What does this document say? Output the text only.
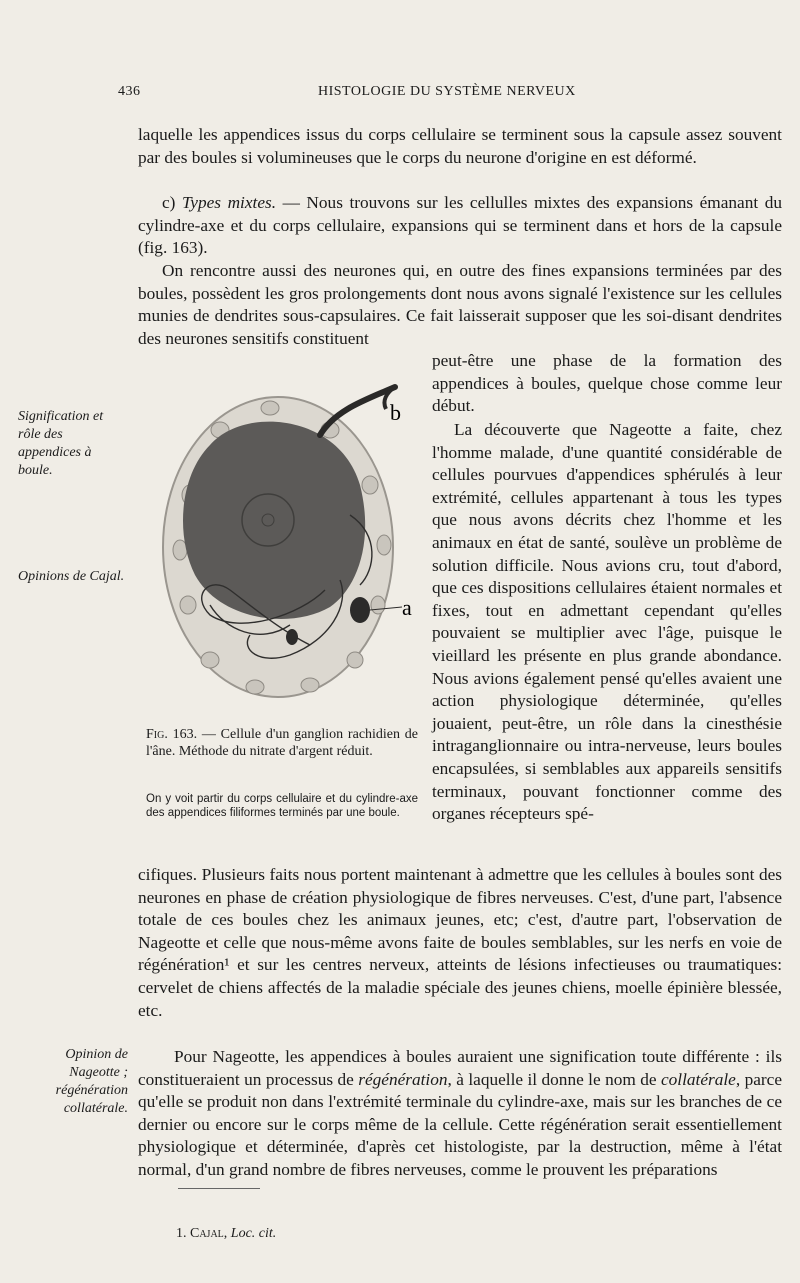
436	HISTOLOGIE DU SYSTÈME NERVEUX

laquelle les appendices issus du corps cellulaire se terminent sous la capsule assez souvent par des boules si volumineuses que le corps du neurone d'origine en est déformé.

c) Types mixtes. — Nous trouvons sur les cellulles mixtes des expansions émanant du cylindre-axe et du corps cellulaire, expansions qui se terminent dans et hors de la capsule (fig. 163).

On rencontre aussi des neurones qui, en outre des fines expansions terminées par des boules, possèdent les gros prolongements dont nous avons signalé l'existence sur les cellules munies de dendrites sous-capsulaires. Ce fait laisserait supposer que les soi-disant dendrites des neurones sensitifs constituent

peut-être une phase de la formation des appendices à boules, quelque chose comme leur début.

La découverte que Nageotte a faite, chez l'homme malade, d'une quantité considérable de cellules pourvues d'appendices sphérulés à leur extrémité, cellules appartenant à tous les types que nous avons décrits chez l'homme et les animaux en état de santé, soulève un problème de solution difficile. Nous avions cru, tout d'abord, que ces dispositions cellulaires étaient normales et fixes, tout en admettant cependant qu'elles pouvaient se multiplier avec l'âge, puisque le vieillard les présente en plus grande abondance. Nous avions également pensé qu'elles avaient une action physiologique déterminée, qu'elles jouaient, peut-être, un rôle dans la cinesthésie intraganglionnaire ou intra-nerveuse, leurs boules encapsulées, si semblables aux appareils sensitifs terminaux, pouvant fonctionner comme des organes récepteurs spé-

cifiques. Plusieurs faits nous portent maintenant à admettre que les cellules à boules sont des neurones en phase de création physiologique de fibres nerveuses. C'est, d'une part, l'absence totale de ces boules chez les animaux jeunes, etc; c'est, d'autre part, l'observation de Nageotte et celle que nous-même avons faite de boules semblables, sur les nerfs en voie de régénération¹ et sur les centres nerveux, atteints de lésions infectieuses ou traumatiques: cervelet de chiens affectés de la maladie spéciale des jeunes chiens, moelle épinière blessée, etc.

Pour Nageotte, les appendices à boules auraient une signification toute différente : ils constitueraient un processus de régénération, à laquelle il donne le nom de collatérale, parce qu'elle se produit non dans l'extrémité terminale du cylindre-axe, mais sur les branches de ce dernier ou encore sur le corps même de la cellule. Cette régénération serait essentiellement physiologique et déterminée, d'après cet histologiste, par la destruction, même à l'état normal, d'un grand nombre de fibres nerveuses, comme le prouvent les préparations

Signification et rôle des appendices à boule.
Opinions de Cajal.
Opinion de Nageotte ; régénération collatérale.
b
a

Fig. 163. — Cellule d'un ganglion rachidien de l'âne. Méthode du nitrate d'argent réduit.

On y voit partir du corps cellulaire et du cylindre-axe des appendices filiformes terminés par une boule.

1. Cajal, Loc. cit.
